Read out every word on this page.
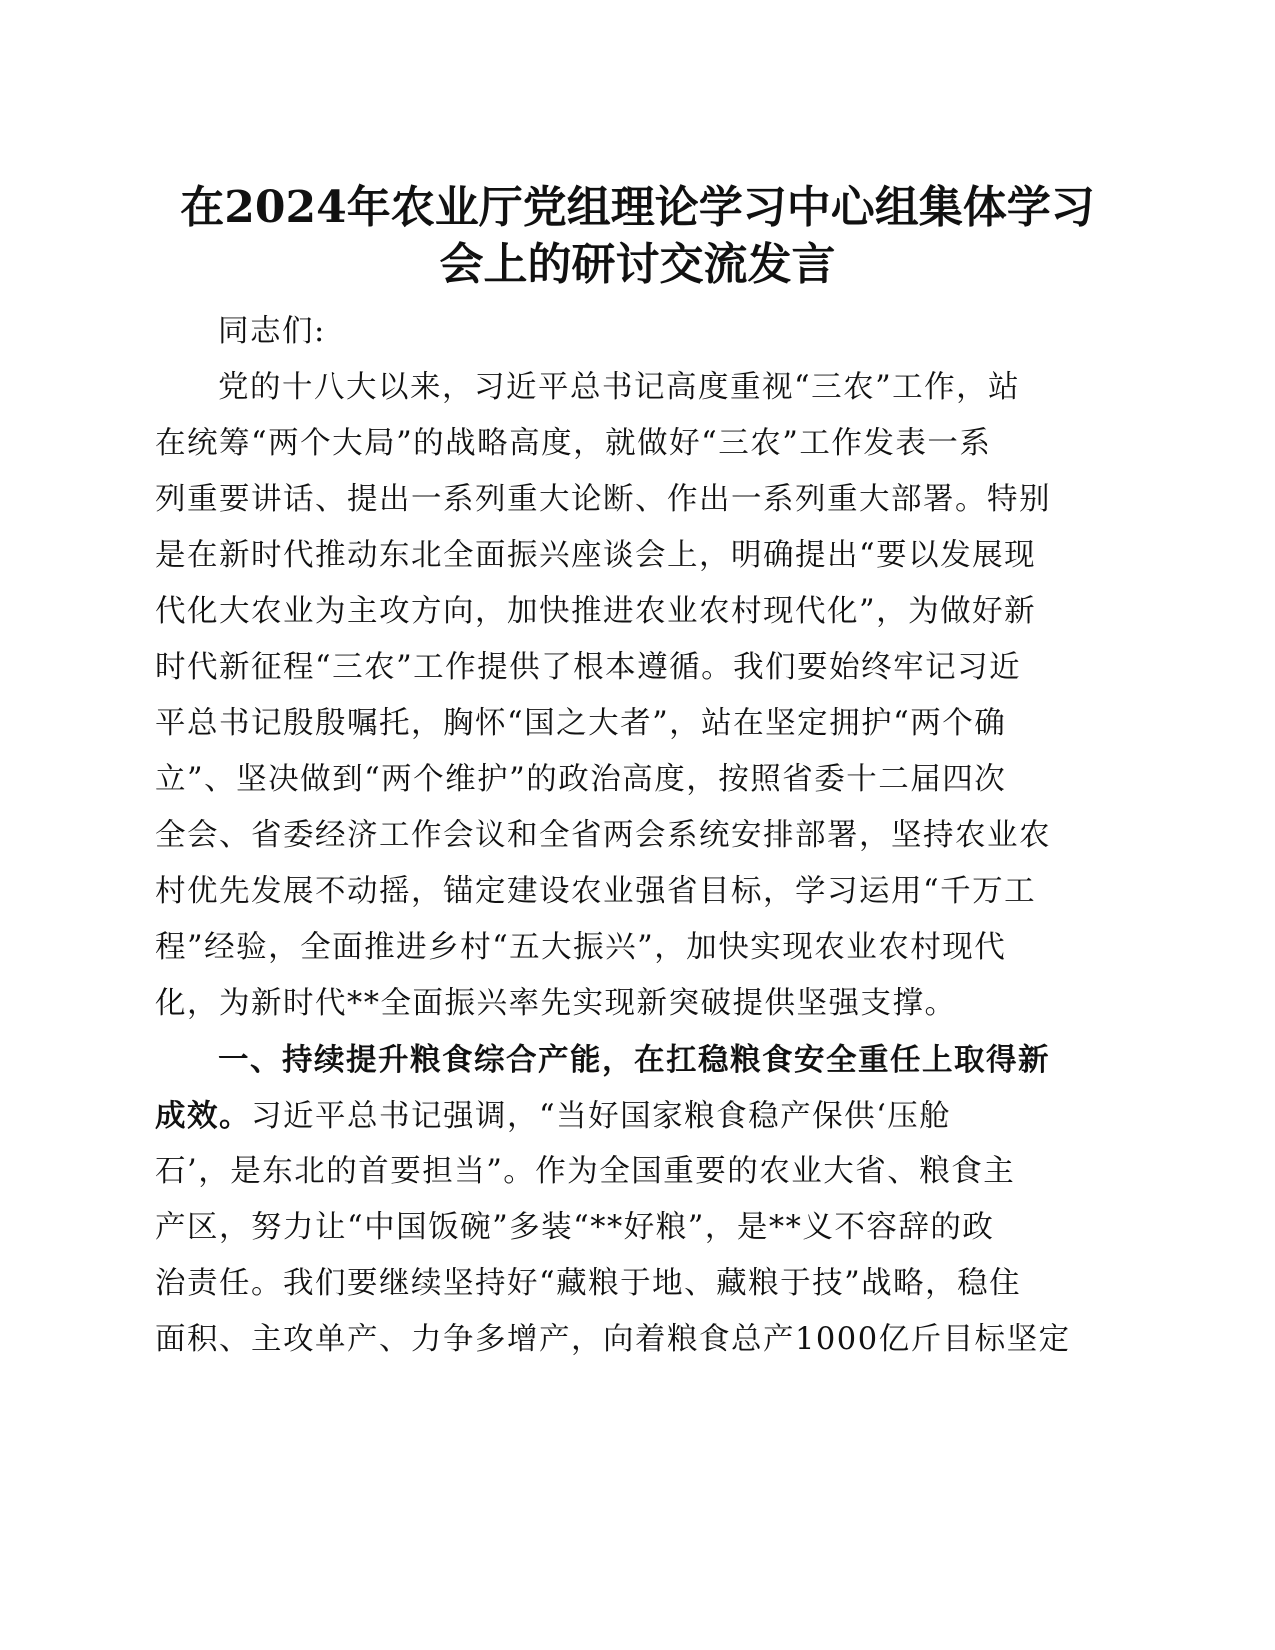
在2024年农业厅党组理论学习中心组集体学习
会上的研讨交流发言
同志们:
党的十八大以来，习近平总书记高度重视“三农”工作，站
在统筹“两个大局”的战略高度，就做好“三农”工作发表一系
列重要讲话、提出一系列重大论断、作出一系列重大部署。特别
是在新时代推动东北全面振兴座谈会上，明确提出“要以发展现
代化大农业为主攻方向，加快推进农业农村现代化”，为做好新
时代新征程“三农”工作提供了根本遵循。我们要始终牢记习近
平总书记殷殷嘱托，胸怀“国之大者”，站在坚定拥护“两个确
立”、坚决做到“两个维护”的政治高度，按照省委十二届四次
全会、省委经济工作会议和全省两会系统安排部署，坚持农业农
村优先发展不动摇，锚定建设农业强省目标，学习运用“千万工
程”经验，全面推进乡村“五大振兴”，加快实现农业农村现代
化，为新时代**全面振兴率先实现新突破提供坚强支撑。
一、持续提升粮食综合产能，在扛稳粮食安全重任上取得新
成效。习近平总书记强调，“当好国家粮食稳产保供‘压舱
石’，是东北的首要担当”。作为全国重要的农业大省、粮食主
产区，努力让“中国饭碗”多装“**好粮”，是**义不容辞的政
治责任。我们要继续坚持好“藏粮于地、藏粮于技”战略，稳住
面积、主攻单产、力争多增产，向着粮食总产1000亿斤目标坚定
